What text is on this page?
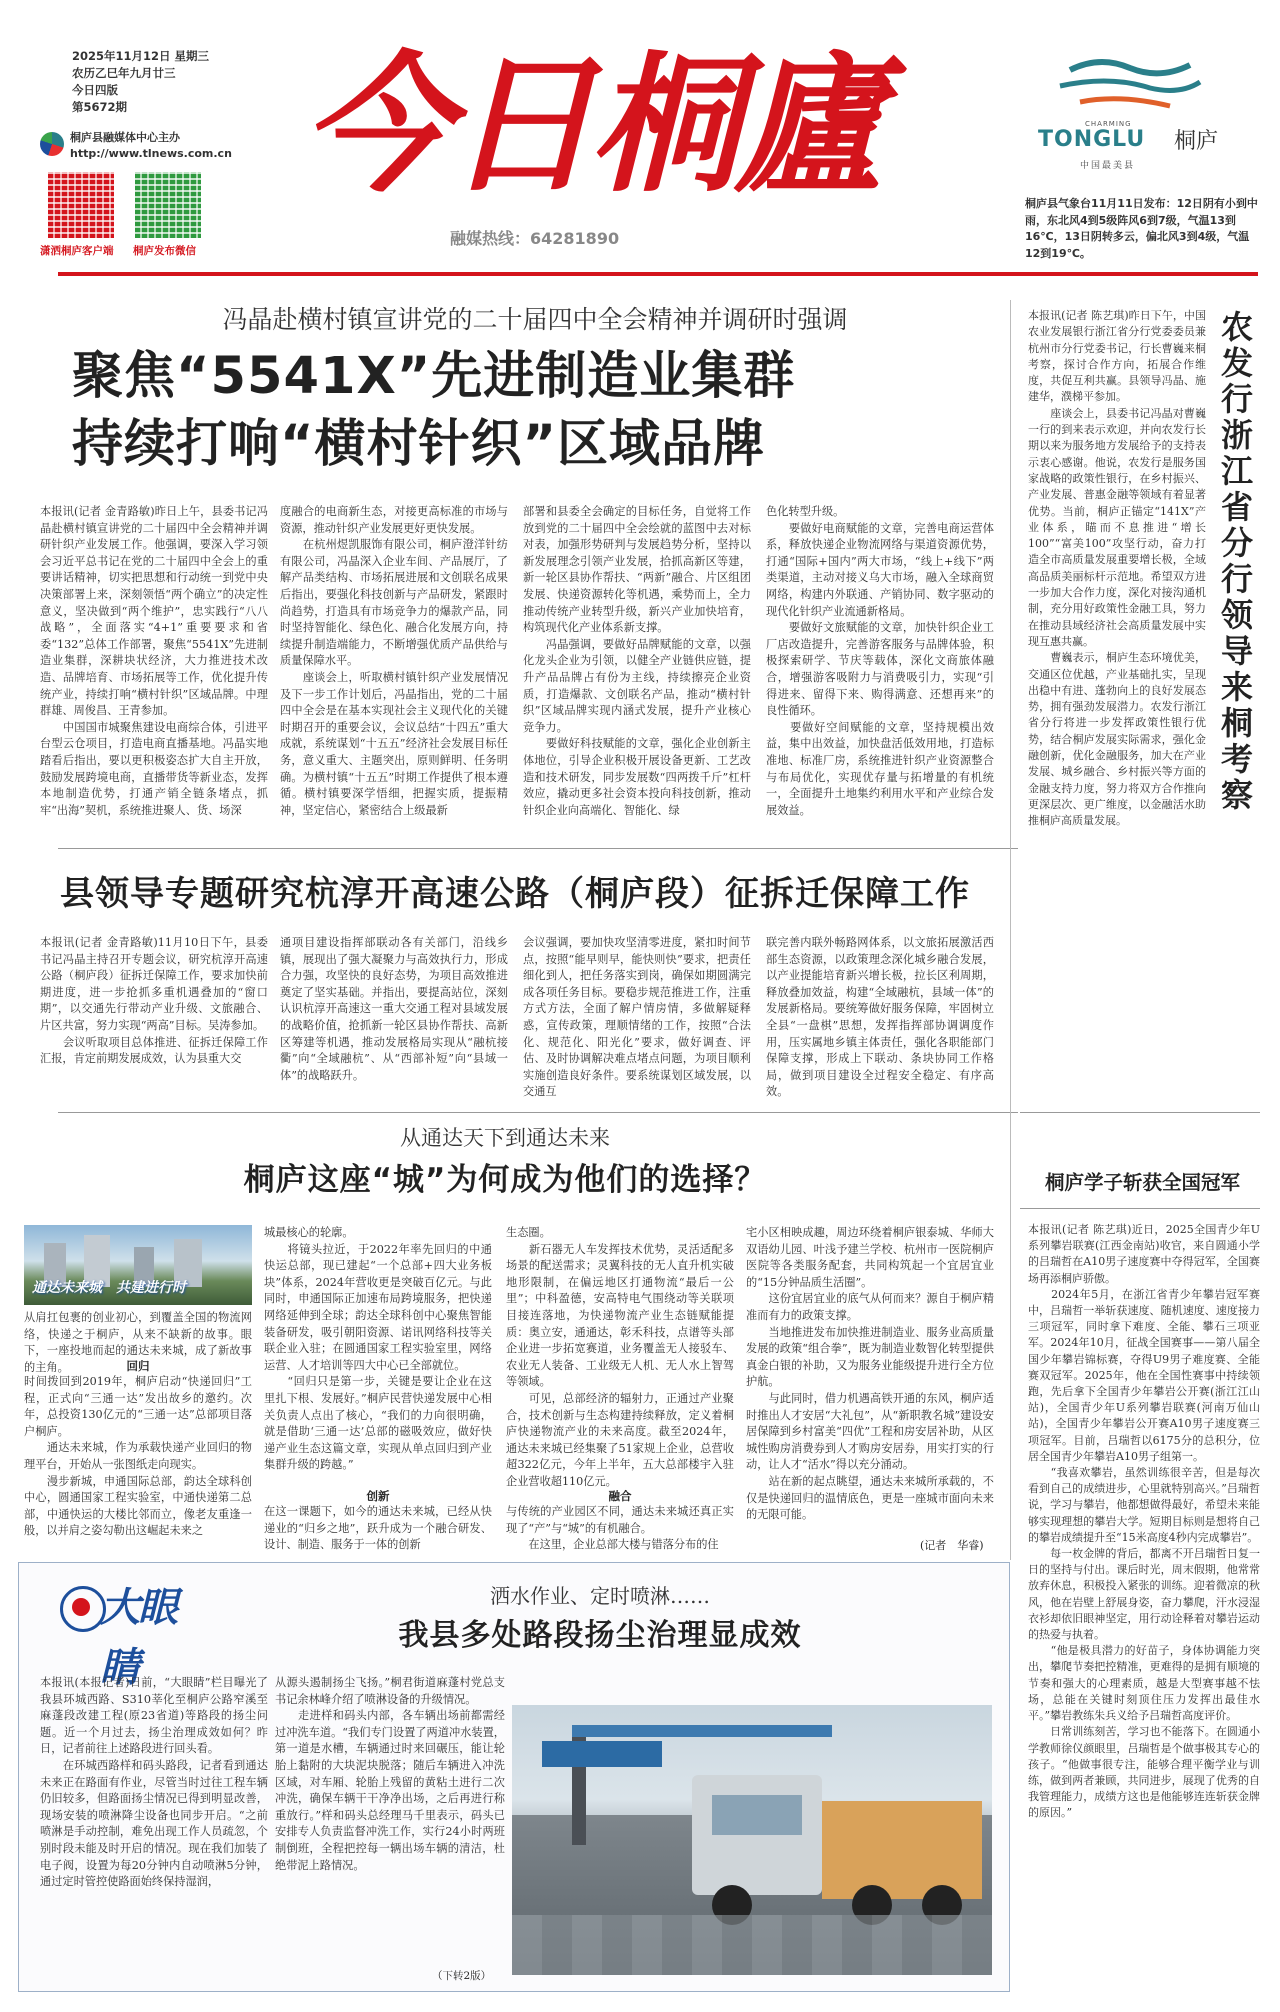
2025年11月12日 星期三
农历乙巳年九月廿三
今日四版
第5672期
桐庐县融媒体中心主办
http://www.tlnews.com.cn
潇洒桐庐客户端 桐庐发布微信
今日桐廬
融媒热线：64281890
CHARMING
TONGLU 桐庐
中国最美县
桐庐县气象台11月11日发布：12日阴有小到中雨，东北风4到5级阵风6到7级，气温13到16℃，13日阴转多云，偏北风3到4级，气温12到19℃。
冯晶赴横村镇宣讲党的二十届四中全会精神并调研时强调
聚焦“5541X”先进制造业集群
持续打响“横村针织”区域品牌
本报讯(记者 金青路敏)昨日上午，县委书记冯晶赴横村镇宣讲党的二十届四中全会精神并调研针织产业发展工作。他强调，要深入学习领会习近平总书记在党的二十届四中全会上的重要讲话精神，切实把思想和行动统一到党中央决策部署上来，深刻领悟“两个确立”的决定性意义，坚决做到“两个维护”，忠实践行“八八战略”，全面落实“4+1”重要要求和省委“132”总体工作部署，聚焦“5541X”先进制造业集群，深耕块状经济，大力推进技术改造、品牌培育、市场拓展等工作，优化提升传统产业，持续打响“横村针织”区域品牌。中理群雄、周俊昌、王青参加。
　　中国国市城聚焦建设电商综合体，引进平台型云仓项目，打造电商直播基地。冯晶实地踏看后指出，要以更积极姿态扩大自主开放，鼓励发展跨境电商，直播带货等新业态，发挥本地制造优势，打通产销全链条堵点，抓牢“出海”契机，系统推进聚人、货、场深
度融合的电商新生态，对接更高标准的市场与资源，推动针织产业发展更好更快发展。
　　在杭州煜凯服饰有限公司，桐庐澄洋针纺有限公司，冯晶深入企业车间、产品展厅，了解产品类结构、市场拓展进展和文创联名成果后指出，要强化科技创新与产品研发，紧跟时尚趋势，打造具有市场竞争力的爆款产品，同时坚持智能化、绿色化、融合化发展方向，持续提升制造端能力，不断增强优质产品供给与质量保障水平。
　　座谈会上，听取横村镇针织产业发展情况及下一步工作计划后，冯晶指出，党的二十届四中全会是在基本实现社会主义现代化的关键时期召开的重要会议，会议总结“十四五”重大成就，系统谋划“十五五”经济社会发展目标任务，意义重大、主题突出，原则鲜明、任务明确。为横村镇“十五五”时期工作提供了根本遵循。横村镇要深学悟细，把握实质，提振精神，坚定信心，紧密结合上级最新
部署和县委全会确定的目标任务，自觉将工作放到党的二十届四中全会绘就的蓝图中去对标对表，加强形势研判与发展趋势分析，坚持以新发展理念引领产业发展，拾抓高新区等建，新一轮区县协作帮扶、“两新”融合、片区组团发展、快递资源转化等机遇，乘势而上，全力推动传统产业转型升级，新兴产业加快培育，构筑现代化产业体系新支撑。
　　冯晶强调，要做好品牌赋能的文章，以强化龙头企业为引领，以健全产业链供应链，提升产品品牌占有份为主线，持续擦亮企业资质，打造爆款、文创联名产品，推动“横村针织”区域品牌实现内涵式发展，提升产业核心竞争力。
　　要做好科技赋能的文章，强化企业创新主体地位，引导企业积极开展设备更新、工艺改造和技术研发，同步发展数“四两拨千斤”杠杆效应，撬动更多社会资本投向科技创新，推动针织企业向高端化、智能化、绿
色化转型升级。
　　要做好电商赋能的文章，完善电商运营体系，释放快递企业物流网络与渠道资源优势，打通“国际+国内”两大市场，“线上+线下”两类渠道，主动对接义乌大市场，融入全球商贸网络，构建内外联通、产销协同、数字驱动的现代化针织产业流通新格局。
　　要做好文旅赋能的文章，加快针织企业工厂店改造提升，完善游客服务与品牌体验，积极探索研学、节庆等载体，深化文商旅体融合，增强游客吸附力与消费吸引力，实现“引得进来、留得下来、购得满意、还想再来”的良性循环。
　　要做好空间赋能的文章，坚持规模出效益，集中出效益，加快盘活低效用地，打造标准地、标准厂房，系统推进针织产业资源整合与布局优化，实现优存量与拓增量的有机统一，全面提升土地集约利用水平和产业综合发展效益。
县领导专题研究杭淳开高速公路（桐庐段）征拆迁保障工作
本报讯(记者 金青路敏)11月10日下午，县委书记冯晶主持召开专题会议，研究杭淳开高速公路（桐庐段）征拆迁保障工作，要求加快前期进度，进一步抢抓多重机遇叠加的“窗口期”，以交通先行带动产业升级、文旅融合、片区共富，努力实现“两高”目标。吴涛参加。
　　会议听取项目总体推进、征拆迁保障工作汇报，肯定前期发展成效，认为县重大交
通项目建设指挥部联动各有关部门，沿线乡镇，展现出了强大凝聚力与高效执行力，形成合力强，攻坚快的良好态势，为项目高效推进奠定了坚实基础。并指出，要提高站位，深刻认识杭淳开高速这一重大交通工程对县域发展的战略价值，抢抓新一轮区县协作帮扶、高新区筹建等机遇，推动发展格局实现从“融杭接衢”向“全域融杭”、从“西部补短”向“县域一体”的战略跃升。
会议强调，要加快攻坚清零进度，紧扣时间节点，按照“能早则早，能快则快”要求，把责任细化到人，把任务落实到岗，确保如期圆满完成各项任务目标。要稳步规范推进工作，注重方式方法，全面了解户情房情，多做解疑释惑，宣传政策，理顺情绪的工作，按照“合法化、规范化、阳光化”要求，做好调查、评估、及时协调解决难点堵点问题，为项目顺利实施创造良好条件。要系统谋划区域发展，以交通互
联完善内联外畅路网体系，以文旅拓展激活西部生态资源，以政策理念深化城乡融合发展，以产业提能培育新兴增长极，拉长区利周期，释放叠加效益，构建“全域融杭，县域一体”的发展新格局。要统筹做好服务保障，牢固树立全县“一盘棋”思想，发挥指挥部协调调度作用，压实属地乡镇主体责任，强化各职能部门保障支撑，形成上下联动、条块协同工作格局，做到项目建设全过程安全稳定、有序高效。
从通达天下到通达未来
桐庐这座“城”为何成为他们的选择？
通达未来城　共建进行时
从肩扛包裹的创业初心，到覆盖全国的物流网络，快递之于桐庐，从来不缺新的故事。眼下，一座投地而起的通达未来城，成了新故事的主角。	回归
时间拨回到2019年，桐庐启动“快递回归”工程，正式向“三通一达”发出故乡的邀约。次年，总投资130亿元的“三通一达”总部项目落户桐庐。
　　通达未来城，作为承载快递产业回归的物理平台，开始从一张图纸走向现实。
　　漫步新城，申通国际总部，韵达全球科创中心，圆通国家工程实验室，中通快递第二总部，中通快运的大楼比邻而立，像老友重逢一般，以并肩之姿勾勒出这崛起未来之
城最核心的轮廓。
　　将镜头拉近，于2022年率先回归的中通快运总部，现已建起“一个总部+四大业务板块”体系，2024年营收更是突破百亿元。与此同时，申通国际正加速布局跨境服务，把快递网络延伸到全球；韵达全球科创中心聚焦智能装备研发，吸引朝阳资源、诺讯网络科技等关联企业入驻；在圆通国家工程实验室里，网络运营、人才培训等四大中心已全部就位。
　　“回归只是第一步，关键是要让企业在这里扎下根、发展好。”桐庐民营快递发展中心相关负责人点出了核心，“我们的力向很明确，就是借助‘三通一达’总部的磁吸效应，做好快递产业生态这篇文章，实现从单点回归到产业集群升级的跨越。”
创新
在这一课题下，如今的通达未来城，已经从快递业的“归乡之地”，跃升成为一个融合研发、设计、制造、服务于一体的创新
生态圈。
　　新石器无人车发挥技术优势，灵活适配多场景的配送需求；灵翼科技的无人直升机实破地形限制，在偏远地区打通物流“最后一公里”；中科盈德，安高特电气围绕动等关联项目接连落地，为快递物流产业生态链赋能提质：奥立安，通通达，彰禾科技，点谱等头部企业进一步拓宽赛道，业务覆盖无人接驳车、农业无人装备、工业级无人机、无人水上智驾等领域。
　　可见，总部经济的辐射力，正通过产业聚合，技术创新与生态构建持续释放，定义着桐庐快递物流产业的未来高度。截至2024年，通达未来城已经集聚了51家规上企业，总营收超322亿元，今年上半年，五大总部楼宇入驻企业营收超110亿元。
融合
与传统的产业园区不同，通达未来城还真正实现了“产”与“城”的有机融合。
　　在这里，企业总部大楼与错落分布的住
宅小区相映成趣，周边环绕着桐庐银泰城、华师大双语幼儿园、叶浅予建兰学校、杭州市一医院桐庐医院等各类服务配套，共同构筑起一个宜居宜业的“15分钟品质生活圈”。
　　这份宜居宜业的底气从何而来？源自于桐庐精准而有力的政策支撑。
　　当地推进发布加快推进制造业、服务业高质量发展的政策“组合拳”，既为制造业数智化转型提供真金白银的补助，又为服务业能级提升进行全方位护航。
　　与此同时，借力机遇高铁开通的东风，桐庐适时推出人才安居“大礼包”，从“新职教名城”建设安居保障到乡村富美“四优”工程和房安居补助，从区城性购房消费券到人才购房安居券，用实打实的行动，让人才“活水”得以充分涌动。
　　站在新的起点眺望，通达未来城所承载的，不仅是快递回归的温情底色，更是一座城市面向未来的无限可能。
(记者　华睿)
大眼睛
洒水作业、定时喷淋……
我县多处路段扬尘治理显成效
本报讯(本报记者)日前，“大眼睛”栏目曝光了我县环城西路、S310莘化至桐庐公路窄溪至麻蓬段改建工程(原23省道)等路段的扬尘问题。近一个月过去，扬尘治理成效如何？昨日，记者前往上述路段进行回头看。
　　在环城西路样和码头路段，记者看到通达未来正在路面有作业，尽管当时过往工程车辆仍旧较多，但路面扬尘情况已得到明显改善，现场安装的喷淋降尘设备也同步开启。“之前喷淋是手动控制，难免出现工作人员疏忽，个别时段未能及时开启的情况。现在我们加装了电子阀，设置为每20分钟内自动喷淋5分钟，通过定时管控使路面始终保持湿润，
从源头遏制扬尘飞扬。”桐君街道麻蓬村党总支书记余林峰介绍了喷淋设备的升级情况。
　　走进样和码头内部，各车辆出场前都需经过冲洗车道。“我们专门设置了两道冲水装置，第一道是水槽，车辆通过时来回碾压，能让轮胎上黏附的大块泥块脱落；随后车辆进入冲洗区域，对车厢、轮胎上残留的黄粘土进行二次冲洗，确保车辆干干净净出场，之后再进行称重放行。”样和码头总经理马千里表示，码头已安排专人负责监督冲洗工作，实行24小时两班制倒班，全程把控每一辆出场车辆的清洁，杜绝带泥上路情况。
（下转2版）
农发行浙江省分行领导来桐考察
本报讯(记者 陈艺琪)昨日下午，中国农业发展银行浙江省分行党委委员兼杭州市分行党委书记，行长曹巍来桐考察，探讨合作方向，拓展合作维度，共促互利共赢。县领导冯晶、施建华，濮梯平参加。
　　座谈会上，县委书记冯晶对曹巍一行的到来表示欢迎，并向农发行长期以来为服务地方发展给予的支持表示衷心感谢。他说，农发行是服务国家战略的政策性银行，在乡村振兴、产业发展、普惠金融等领域有着显著优势。当前，桐庐正锚定“141X”产业体系，瞄而不息推进“增长100”“富美100”攻坚行动，奋力打造全市高质量发展重要增长极，全域高品质美丽标杆示范地。希望双方进一步加大合作力度，深化对接沟通机制，充分用好政策性金融工具，努力在推动县域经济社会高质量发展中实现互惠共赢。
　　曹巍表示，桐庐生态环境优美，交通区位优越，产业基础扎实，呈现出稳中有进、蓬勃向上的良好发展态势，拥有强劲发展潜力。农发行浙江省分行将进一步发挥政策性银行优势，结合桐庐发展实际需求，强化金融创新，优化金融服务，加大在产业发展、城乡融合、乡村振兴等方面的金融支持力度，努力将双方合作推向更深层次、更广维度，以金融活水助推桐庐高质量发展。
桐庐学子斩获全国冠军
本报讯(记者 陈艺琪)近日，2025全国青少年U系列攀岩联赛(江西金南站)收官，来自圆通小学的吕瑞哲在A10男子速度赛中夺得冠军，全国赛场再添桐庐骄傲。
　　2024年5月，在浙江省青少年攀岩冠军赛中，吕瑞哲一举斩获速度、随机速度、速度接力三项冠军，同时拿下难度、全能、攀石三项亚军。2024年10月，征战全国赛事——第八届全国少年攀岩锦标赛，夺得U9男子难度赛、全能赛双冠军。2025年，他在全国性赛事中持续领跑，先后拿下全国青少年攀岩公开赛(浙江江山站)，全国青少年U系列攀岩联赛(河南万仙山站)，全国青少年攀岩公开赛A10男子速度赛三项冠军。目前，吕瑞哲以6175分的总积分，位居全国青少年攀岩A10男子组第一。
　　“我喜欢攀岩，虽然训练很辛苦，但是每次看到自己的成绩进步，心里就特别高兴。”吕瑞哲说，学习与攀岩，他都想做得最好，希望未来能够实现理想的攀岩大学。短期目标则是想将自己的攀岩成绩提升至“15米高度4秒内完成攀岩”。
　　每一枚金牌的背后，都离不开吕瑞哲日复一日的坚持与付出。课后时光，周末假期，他常常放弃休息，积极投入紧张的训练。迎着微凉的秋风，他在岩壁上舒展身姿，奋力攀爬，汗水浸湿衣衫却依旧眼神坚定，用行动诠释着对攀岩运动的热爱与执着。
　　“他是极具潜力的好苗子，身体协调能力突出，攀爬节奏把控精准，更难得的是拥有顺境的节奏和强大的心理素质，越是大型赛事越不怯场，总能在关键时刻顶住压力发挥出最佳水平。”攀岩教练朱兵义给予吕瑞哲高度评价。
　　日常训练刻苦，学习也不能落下。在圆通小学教师徐仪颜眼里，吕瑞哲是个做事极其专心的孩子。“他做事很专注，能够合理平衡学业与训练，做到两者兼顾，共同进步，展现了优秀的自我管理能力，成绩方这也是他能够连连斩获金牌的原因。”
